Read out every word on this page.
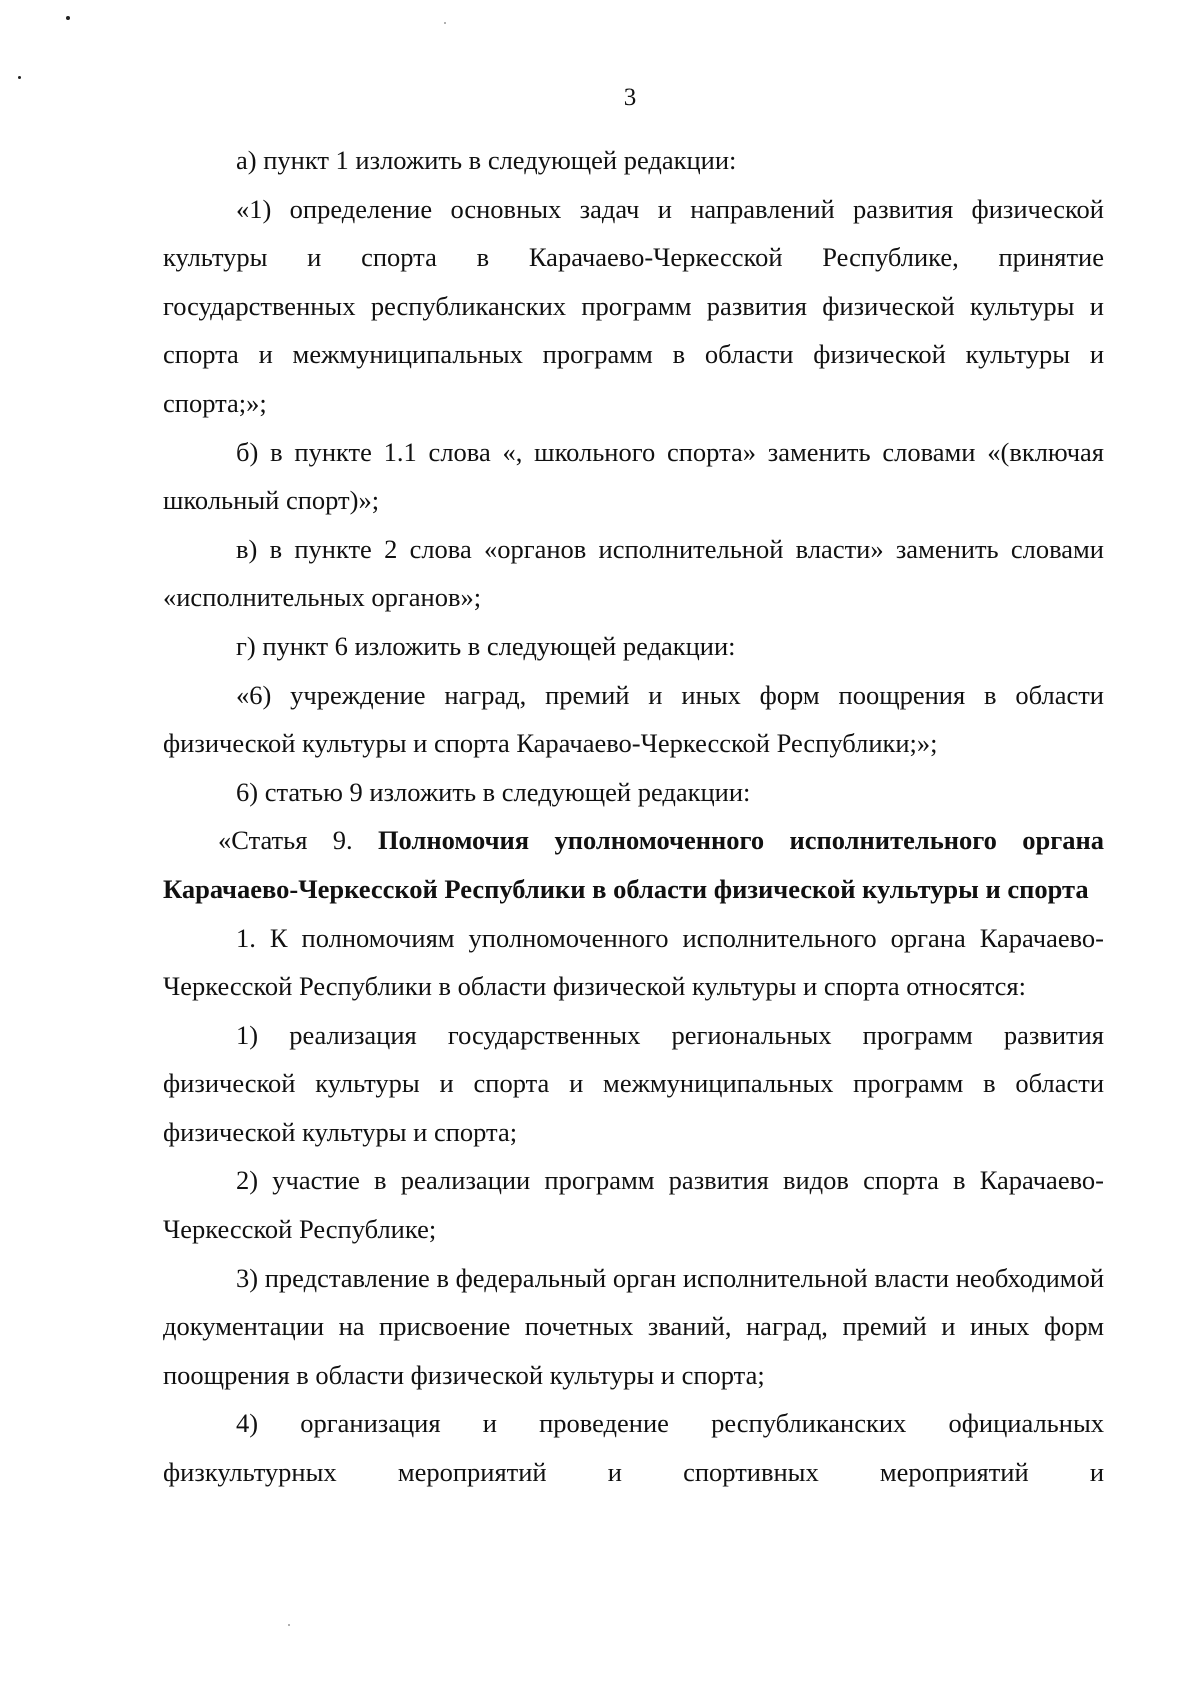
3

а) пункт 1 изложить в следующей редакции:

«1) определение основных задач и направлений развития физической культуры и спорта в Карачаево-Черкесской Республике, принятие государственных республиканских программ развития физической культуры и спорта и межмуниципальных программ в области физической культуры и спорта;»;

б) в пункте 1.1 слова «, школьного спорта» заменить словами «(включая школьный спорт)»;

в) в пункте 2 слова «органов исполнительной власти» заменить словами «исполнительных органов»;

г) пункт 6 изложить в следующей редакции:

«6) учреждение наград, премий и иных форм поощрения в области физической культуры и спорта Карачаево-Черкесской Республики;»;

6) статью 9 изложить в следующей редакции:

«Статья 9. Полномочия уполномоченного исполнительного органа Карачаево-Черкесской Республики в области физической культуры и спорта

1. К полномочиям уполномоченного исполнительного органа Карачаево-Черкесской Республики в области физической культуры и спорта относятся:

1) реализация государственных региональных программ развития физической культуры и спорта и межмуниципальных программ в области физической культуры и спорта;

2) участие в реализации программ развития видов спорта в Карачаево-Черкесской Республике;

3) представление в федеральный орган исполнительной власти необходимой документации на присвоение почетных званий, наград, премий и иных форм поощрения в области физической культуры и спорта;

4) организация и проведение республиканских официальных физкультурных мероприятий и спортивных мероприятий и
